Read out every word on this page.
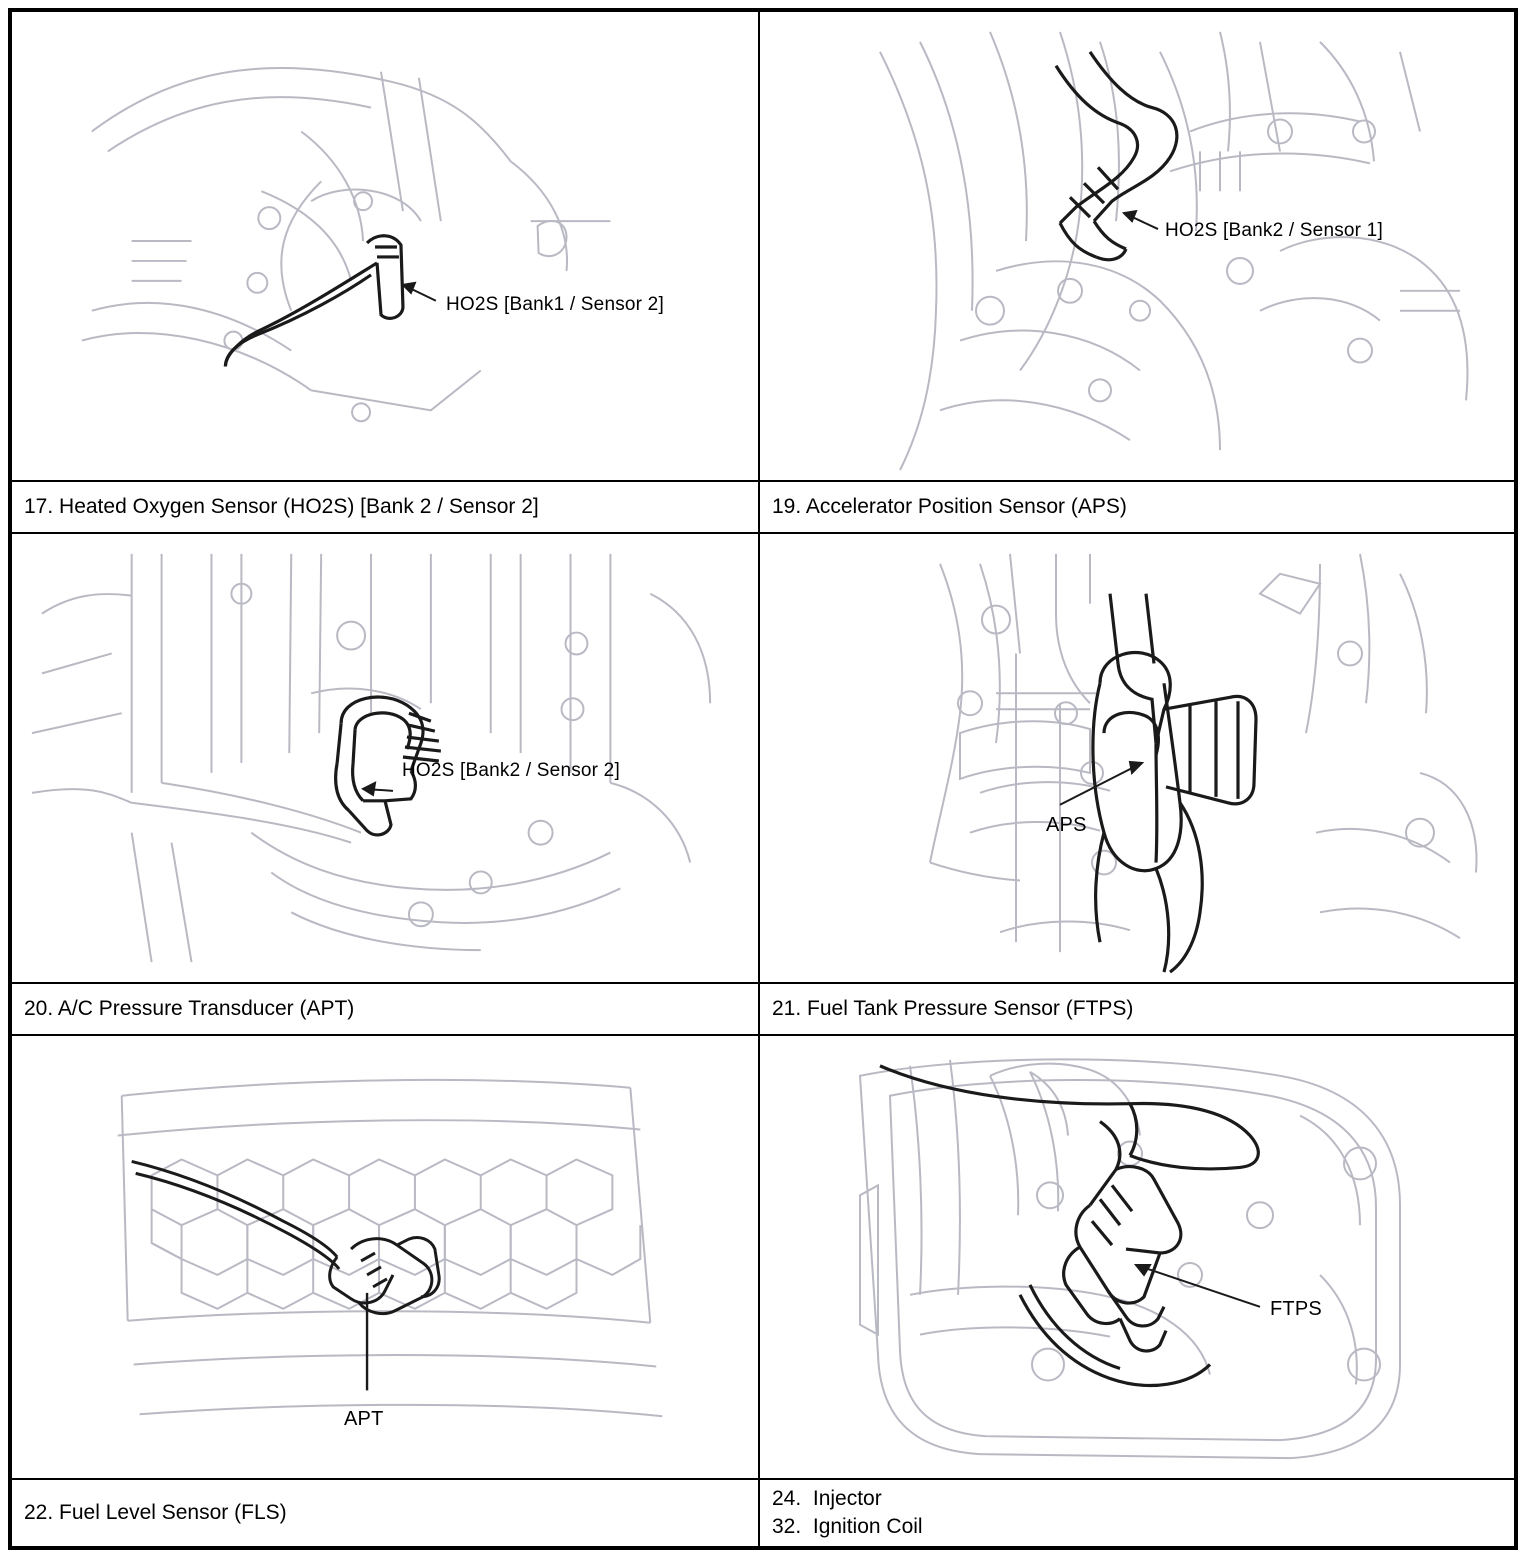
HO2S [Bank1 / Sensor 2]
HO2S [Bank2 / Sensor 1]
17. Heated Oxygen Sensor (HO2S) [Bank 2 / Sensor 2]	19. Accelerator Position Sensor (APS)
HO2S [Bank2 / Sensor 2]
APS
20. A/C Pressure Transducer (APT)	21. Fuel Tank Pressure Sensor (FTPS)
APT
FTPS
22. Fuel Level Sensor (FLS)
24.  Injector
32.  Ignition Coil
